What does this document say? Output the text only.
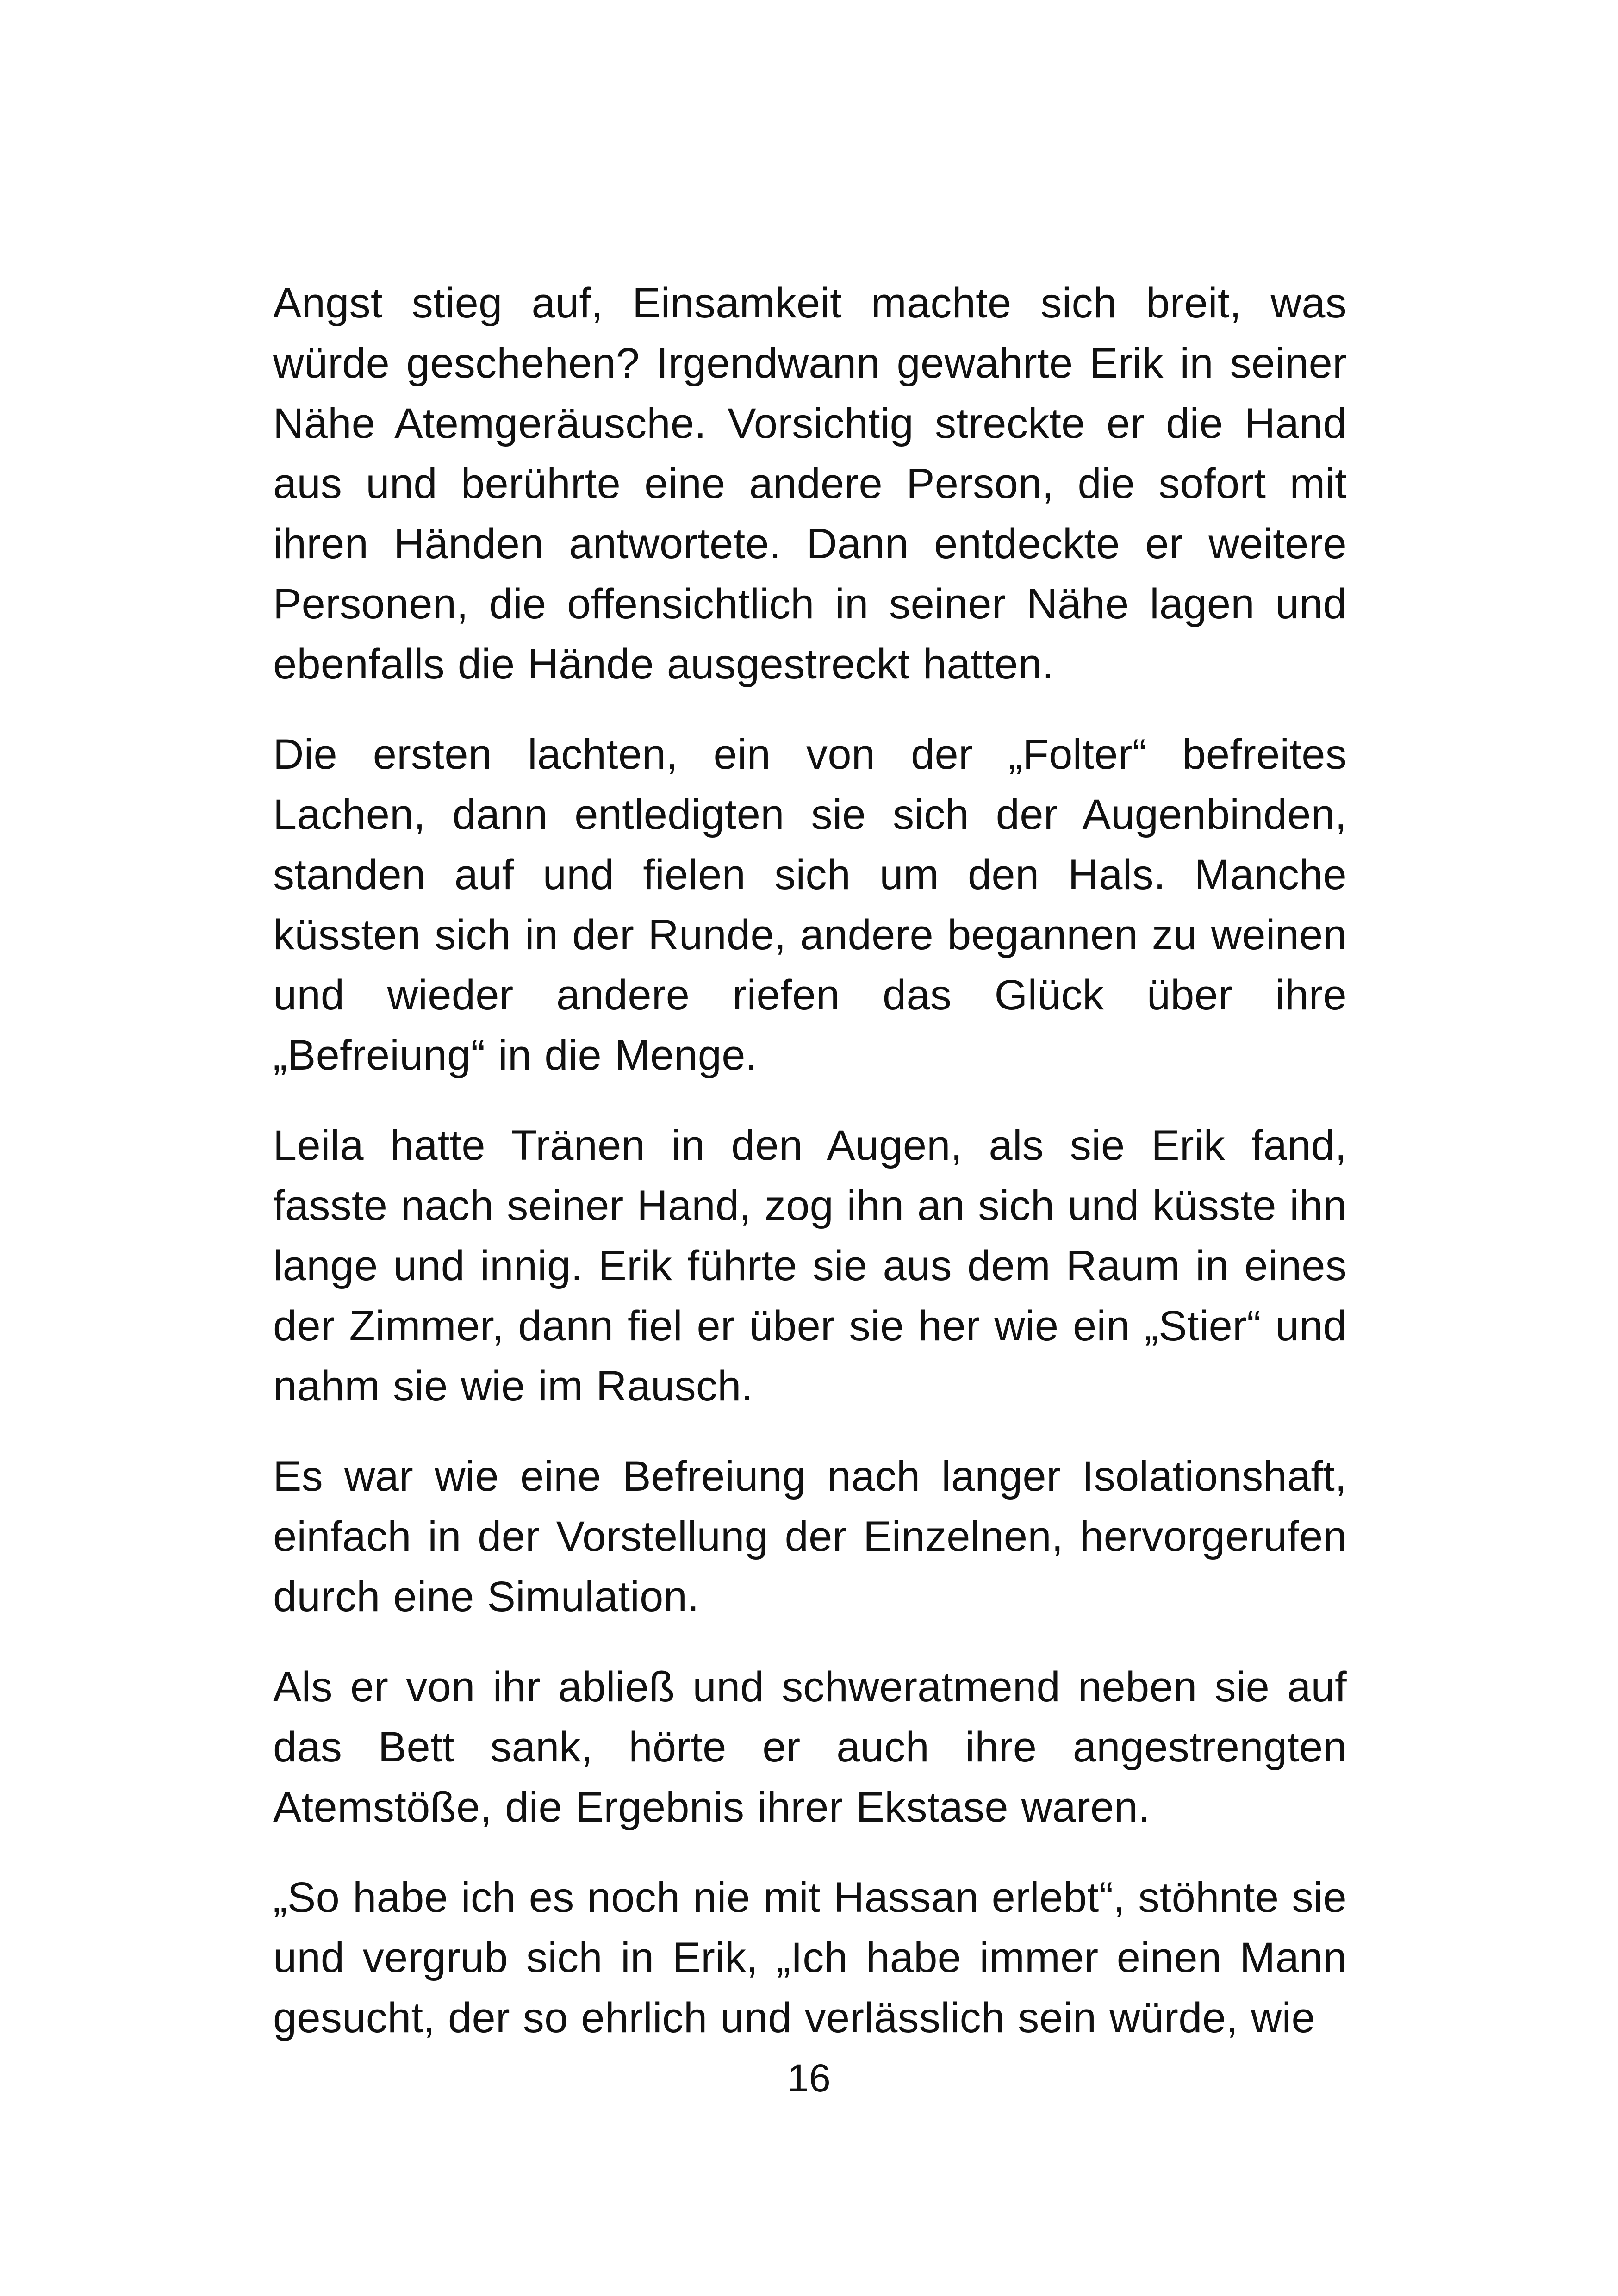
Angst stieg auf, Einsamkeit machte sich breit, was würde geschehen? Irgendwann gewahrte Erik in seiner Nähe Atemgeräusche. Vorsichtig streckte er die Hand aus und berührte eine andere Person, die sofort mit ihren Händen antwortete. Dann entdeckte er weitere Personen, die offensichtlich in seiner Nähe lagen und ebenfalls die Hände ausgestreckt hatten.

Die ersten lachten, ein von der „Folter“ befreites Lachen, dann entledigten sie sich der Augenbinden, standen auf und fielen sich um den Hals. Manche küssten sich in der Runde, andere begannen zu weinen und wieder andere riefen das Glück über ihre „Befreiung“ in die Menge.

Leila hatte Tränen in den Augen, als sie Erik fand, fasste nach seiner Hand, zog ihn an sich und küsste ihn lange und innig. Erik führte sie aus dem Raum in eines der Zimmer, dann fiel er über sie her wie ein „Stier“ und nahm sie wie im Rausch.

Es war wie eine Befreiung nach langer Isolationshaft, einfach in der Vorstellung der Einzelnen, hervorgerufen durch eine Simulation.

Als er von ihr abließ und schweratmend neben sie auf das Bett sank, hörte er auch ihre angestrengten Atemstöße, die Ergebnis ihrer Ekstase waren.

„So habe ich es noch nie mit Hassan erlebt“, stöhnte sie und vergrub sich in Erik, „Ich habe immer einen Mann gesucht, der so ehrlich und verlässlich sein würde, wie

16
